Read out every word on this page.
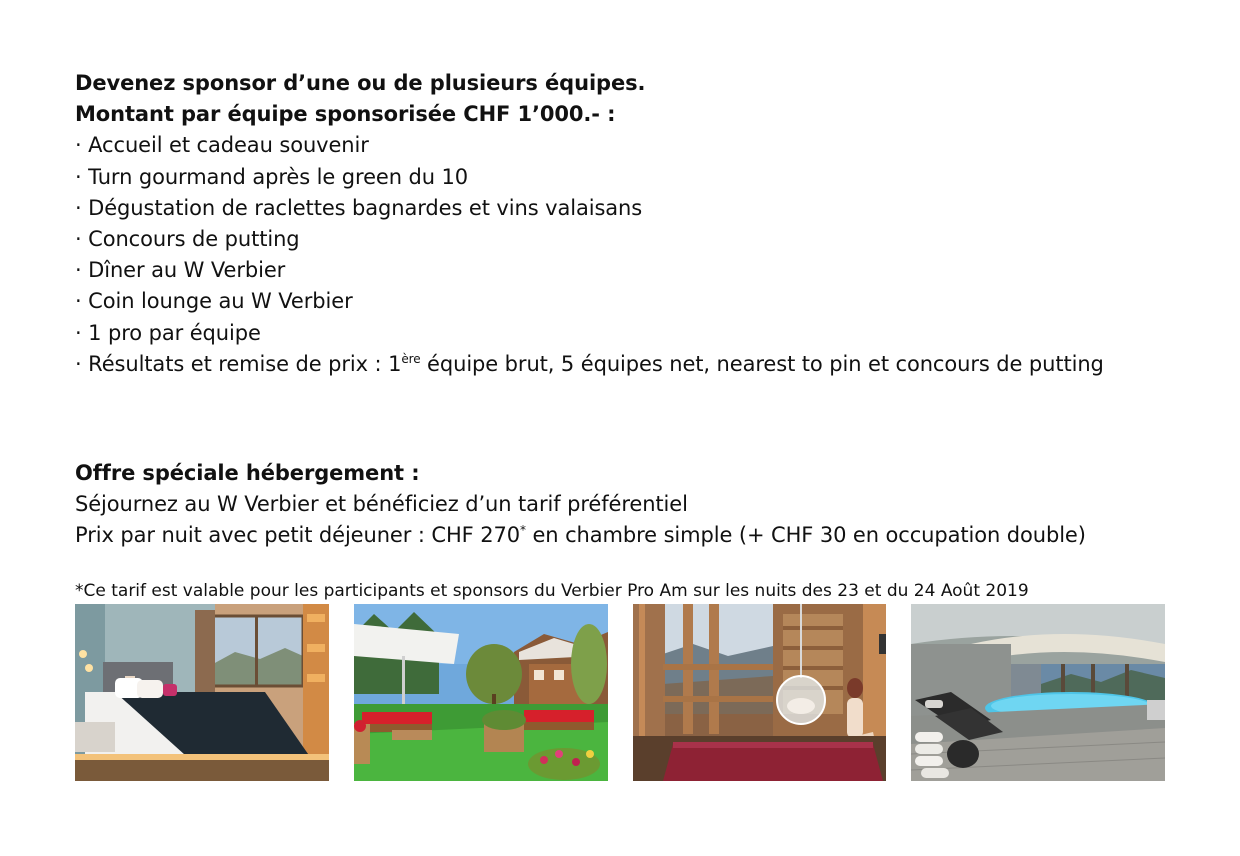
Devenez sponsor d’une ou de plusieurs équipes.
Montant par équipe sponsorisée CHF 1’000.- :
· Accueil et cadeau souvenir
· Turn gourmand après le green du 10
· Dégustation de raclettes bagnardes et vins valaisans
· Concours de putting
· Dîner au W Verbier
· Coin lounge au W Verbier
· 1 pro par équipe
· Résultats et remise de prix : 1ère équipe brut, 5 équipes net, nearest to pin et concours de putting
Offre spéciale hébergement :
Séjournez au W Verbier et bénéficiez d’un tarif préférentiel
Prix par nuit avec petit déjeuner : CHF 270* en chambre simple (+ CHF 30 en occupation double)
*Ce tarif est valable pour les participants et sponsors du Verbier Pro Am sur les nuits des 23 et du 24 Août 2019
